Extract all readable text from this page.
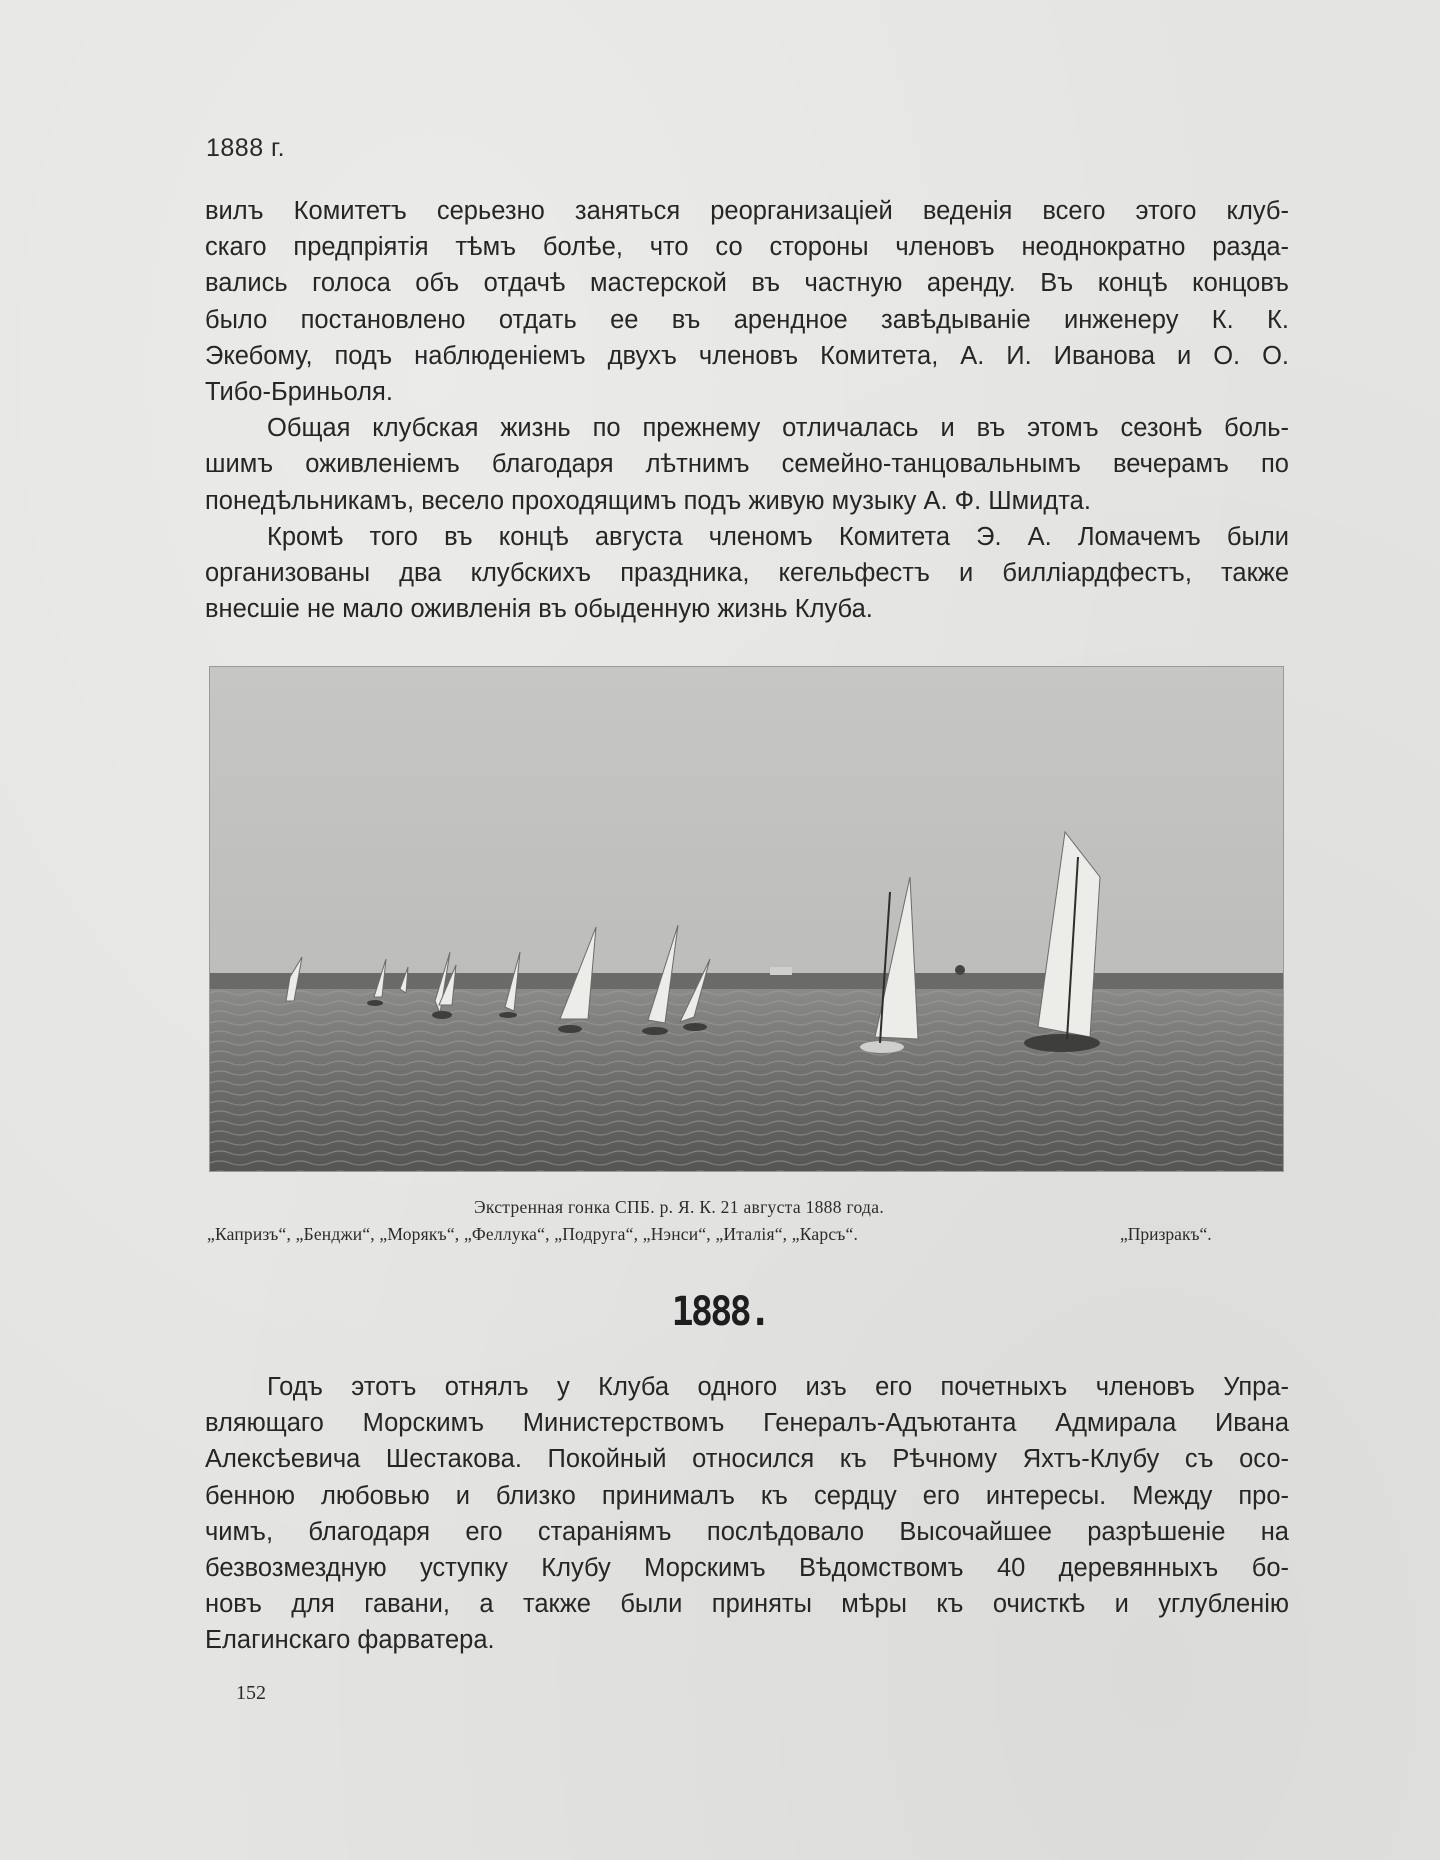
1888 г.
вилъ Комитетъ серьезно заняться реорганизацiей веденiя всего этого клуб-
скаго предпрiятiя тѣмъ болѣе, что со стороны членовъ неоднократно разда-
вались голоса объ отдачѣ мастерской въ частную аренду. Въ концѣ концовъ
было постановлено отдать ее въ арендное завѣдыванiе инженеру К. К.
Экебому, подъ наблюденiемъ двухъ членовъ Комитета, А. И. Иванова и О. О.
Тибо-Бриньоля.
Общая клубская жизнь по прежнему отличалась и въ этомъ сезонѣ боль-
шимъ оживленiемъ благодаря лѣтнимъ семейно-танцовальнымъ вечерамъ по
понедѣльникамъ, весело проходящимъ подъ живую музыку А. Ф. Шмидта.
Кромѣ того въ концѣ августа членомъ Комитета Э. А. Ломачемъ были
организованы два клубскихъ праздника, кегельфестъ и билліардфестъ, также
внесшiе не мало оживленiя въ обыденную жизнь Клуба.
Экстренная гонка СПБ. р. Я. К. 21 августа 1888 года.
„Капризъ“, „Бенджи“, „Морякъ“, „Феллука“, „Подруга“, „Нэнси“, „Италія“, „Карсъ“.	„Призракъ“.
1888.
Годъ этотъ отнялъ у Клуба одного изъ его почетныхъ членовъ Упра-
вляющаго Морскимъ Министерствомъ Генералъ-Адъютанта Адмирала Ивана
Алексѣевича Шестакова. Покойный относился къ Рѣчному Яхтъ-Клубу съ осо-
бенною любовью и близко принималъ къ сердцу его интересы. Между про-
чимъ, благодаря его стараніямъ послѣдовало Высочайшее разрѣшеніе на
безвозмездную уступку Клубу Морскимъ Вѣдомствомъ 40 деревянныхъ бо-
новъ для гавани, а также были приняты мѣры къ очисткѣ и углубленію
Елагинскаго фарватера.
152
